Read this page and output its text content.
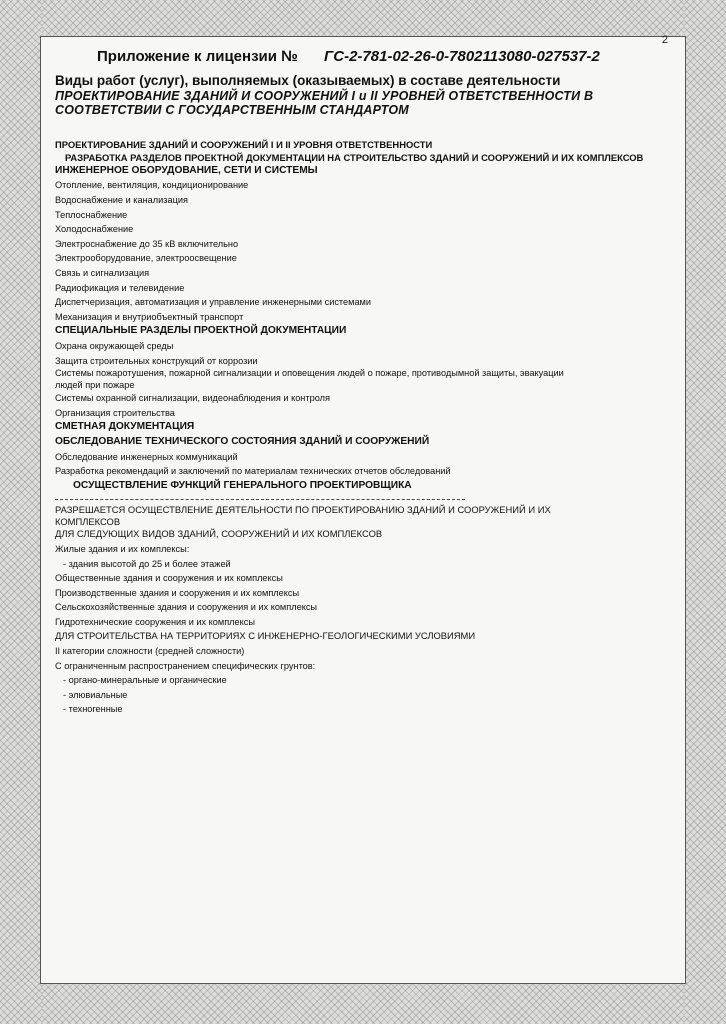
2
Приложение к лицензии № ГС-2-781-02-26-0-7802113080-027537-2
Виды работ (услуг), выполняемых (оказываемых) в составе деятельности
ПРОЕКТИРОВАНИЕ ЗДАНИЙ И СООРУЖЕНИЙ I и II УРОВНЕЙ ОТВЕТСТВЕННОСТИ В СООТВЕТСТВИИ С ГОСУДАРСТВЕННЫМ СТАНДАРТОМ
ПРОЕКТИРОВАНИЕ ЗДАНИЙ И СООРУЖЕНИЙ I И II УРОВНЯ ОТВЕТСТВЕННОСТИ
РАЗРАБОТКА РАЗДЕЛОВ ПРОЕКТНОЙ ДОКУМЕНТАЦИИ НА СТРОИТЕЛЬСТВО ЗДАНИЙ И СООРУЖЕНИЙ И ИХ КОМПЛЕКСОВ
ИНЖЕНЕРНОЕ ОБОРУДОВАНИЕ, СЕТИ И СИСТЕМЫ
Отопление, вентиляция, кондиционирование
Водоснабжение и канализация
Теплоснабжение
Холодоснабжение
Электроснабжение до 35 кВ включительно
Электрооборудование, электроосвещение
Связь и сигнализация
Радиофикация и телевидение
Диспетчеризация, автоматизация и управление инженерными системами
Механизация и внутриобъектный транспорт
СПЕЦИАЛЬНЫЕ РАЗДЕЛЫ ПРОЕКТНОЙ ДОКУМЕНТАЦИИ
Охрана окружающей среды
Защита строительных конструкций от коррозии
Системы пожаротушения, пожарной сигнализации и оповещения людей о пожаре, противодымной защиты, эвакуации людей при пожаре
Системы охранной сигнализации, видеонаблюдения и контроля
Организация строительства
СМЕТНАЯ ДОКУМЕНТАЦИЯ
ОБСЛЕДОВАНИЕ ТЕХНИЧЕСКОГО СОСТОЯНИЯ ЗДАНИЙ И СООРУЖЕНИЙ
Обследование инженерных коммуникаций
Разработка рекомендаций и заключений по материалам технических отчетов обследований
ОСУЩЕСТВЛЕНИЕ ФУНКЦИЙ ГЕНЕРАЛЬНОГО ПРОЕКТИРОВЩИКА
РАЗРЕШАЕТСЯ ОСУЩЕСТВЛЕНИЕ ДЕЯТЕЛЬНОСТИ ПО ПРОЕКТИРОВАНИЮ ЗДАНИЙ И СООРУЖЕНИЙ И ИХ КОМПЛЕКСОВ
ДЛЯ СЛЕДУЮЩИХ ВИДОВ ЗДАНИЙ, СООРУЖЕНИЙ И ИХ КОМПЛЕКСОВ
Жилые здания и их комплексы:
- здания высотой до 25 и более этажей
Общественные здания и сооружения и их комплексы
Производственные здания и сооружения и их комплексы
Сельскохозяйственные здания и сооружения и их комплексы
Гидротехнические сооружения и их комплексы
ДЛЯ СТРОИТЕЛЬСТВА НА ТЕРРИТОРИЯХ С ИНЖЕНЕРНО-ГЕОЛОГИЧЕСКИМИ УСЛОВИЯМИ
II категории сложности (средней сложности)
С ограниченным распространением специфических грунтов:
- органо-минеральные и органические
- элювиальные
- техногенные
